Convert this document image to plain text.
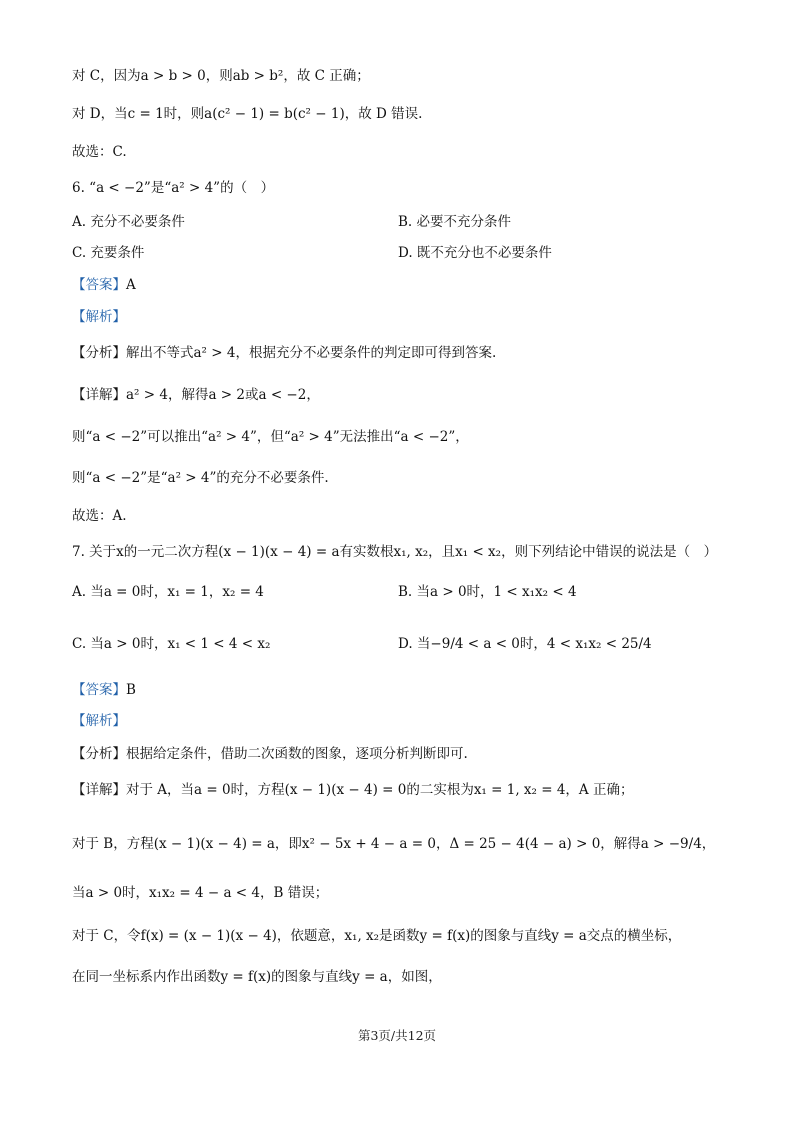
对 C，因为a > b > 0，则ab > b²，故 C 正确；
对 D，当c = 1时，则a(c² − 1) = b(c² − 1)，故 D 错误.
故选：C.
6. “a < −2”是“a² > 4”的（　）
A. 充分不必要条件	B. 必要不充分条件
C. 充要条件	D. 既不充分也不必要条件
【答案】A
【解析】
【分析】解出不等式a² > 4，根据充分不必要条件的判定即可得到答案.
【详解】a² > 4，解得a > 2或a < −2，
则“a < −2”可以推出“a² > 4”，但“a² > 4”无法推出“a < −2”，
则“a < −2”是“a² > 4”的充分不必要条件.
故选：A.
7. 关于x的一元二次方程(x − 1)(x − 4) = a有实数根x₁, x₂，且x₁ < x₂，则下列结论中错误的说法是（　）
A. 当a = 0时，x₁ = 1，x₂ = 4	B. 当a > 0时，1 < x₁x₂ < 4
C. 当a > 0时，x₁ < 1 < 4 < x₂	D. 当−9/4 < a < 0时，4 < x₁x₂ < 25/4
【答案】B
【解析】
【分析】根据给定条件，借助二次函数的图象，逐项分析判断即可.
【详解】对于 A，当a = 0时，方程(x − 1)(x − 4) = 0的二实根为x₁ = 1, x₂ = 4，A 正确；
对于 B，方程(x − 1)(x − 4) = a，即x² − 5x + 4 − a = 0，Δ = 25 − 4(4 − a) > 0，解得a > −9/4，
当a > 0时，x₁x₂ = 4 − a < 4，B 错误；
对于 C，令f(x) = (x − 1)(x − 4)，依题意，x₁, x₂是函数y = f(x)的图象与直线y = a交点的横坐标，
在同一坐标系内作出函数y = f(x)的图象与直线y = a，如图，
第3页/共12页
